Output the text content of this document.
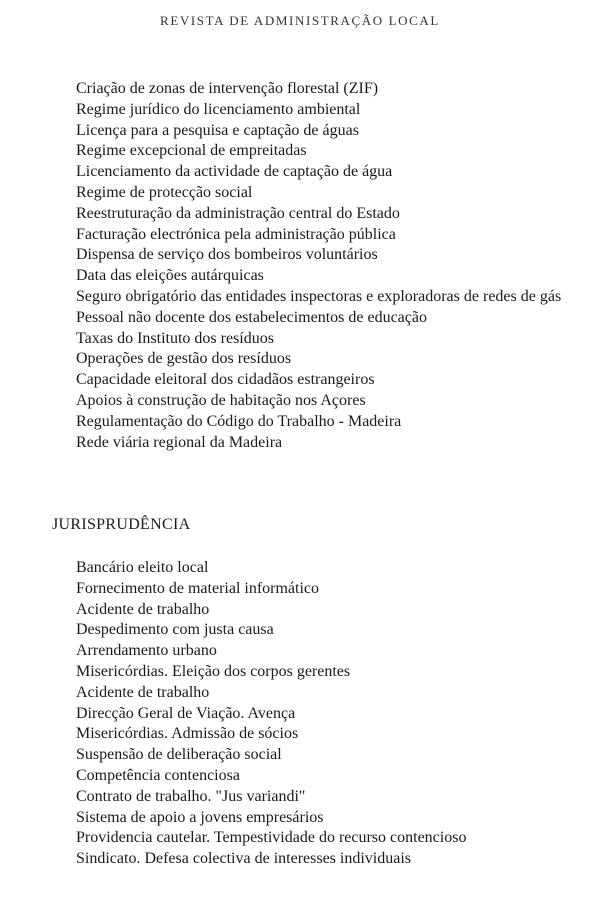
REVISTA DE ADMINISTRAÇÃO LOCAL
Criação de zonas de intervenção florestal (ZIF)
Regime jurídico do licenciamento ambiental
Licença para a pesquisa e captação de águas
Regime excepcional de empreitadas
Licenciamento da actividade de captação de água
Regime de protecção social
Reestruturação da administração central do Estado
Facturação electrónica pela administração pública
Dispensa de serviço dos bombeiros voluntários
Data das eleições autárquicas
Seguro obrigatório das entidades inspectoras e exploradoras de redes de gás
Pessoal não docente dos estabelecimentos de educação
Taxas do Instituto dos resíduos
Operações de gestão dos resíduos
Capacidade eleitoral dos cidadãos estrangeiros
Apoios à construção de habitação nos Açores
Regulamentação do Código do Trabalho - Madeira
Rede viária regional da Madeira
JURISPRUDÊNCIA
Bancário eleito local
Fornecimento de material informático
Acidente de trabalho
Despedimento com justa causa
Arrendamento urbano
Misericórdias. Eleição dos corpos gerentes
Acidente de trabalho
Direcção Geral de Viação. Avença
Misericórdias. Admissão de sócios
Suspensão de deliberação social
Competência contenciosa
Contrato de trabalho. "Jus variandi"
Sistema de apoio a jovens empresários
Providencia cautelar. Tempestividade do recurso contencioso
Sindicato. Defesa colectiva de interesses individuais
